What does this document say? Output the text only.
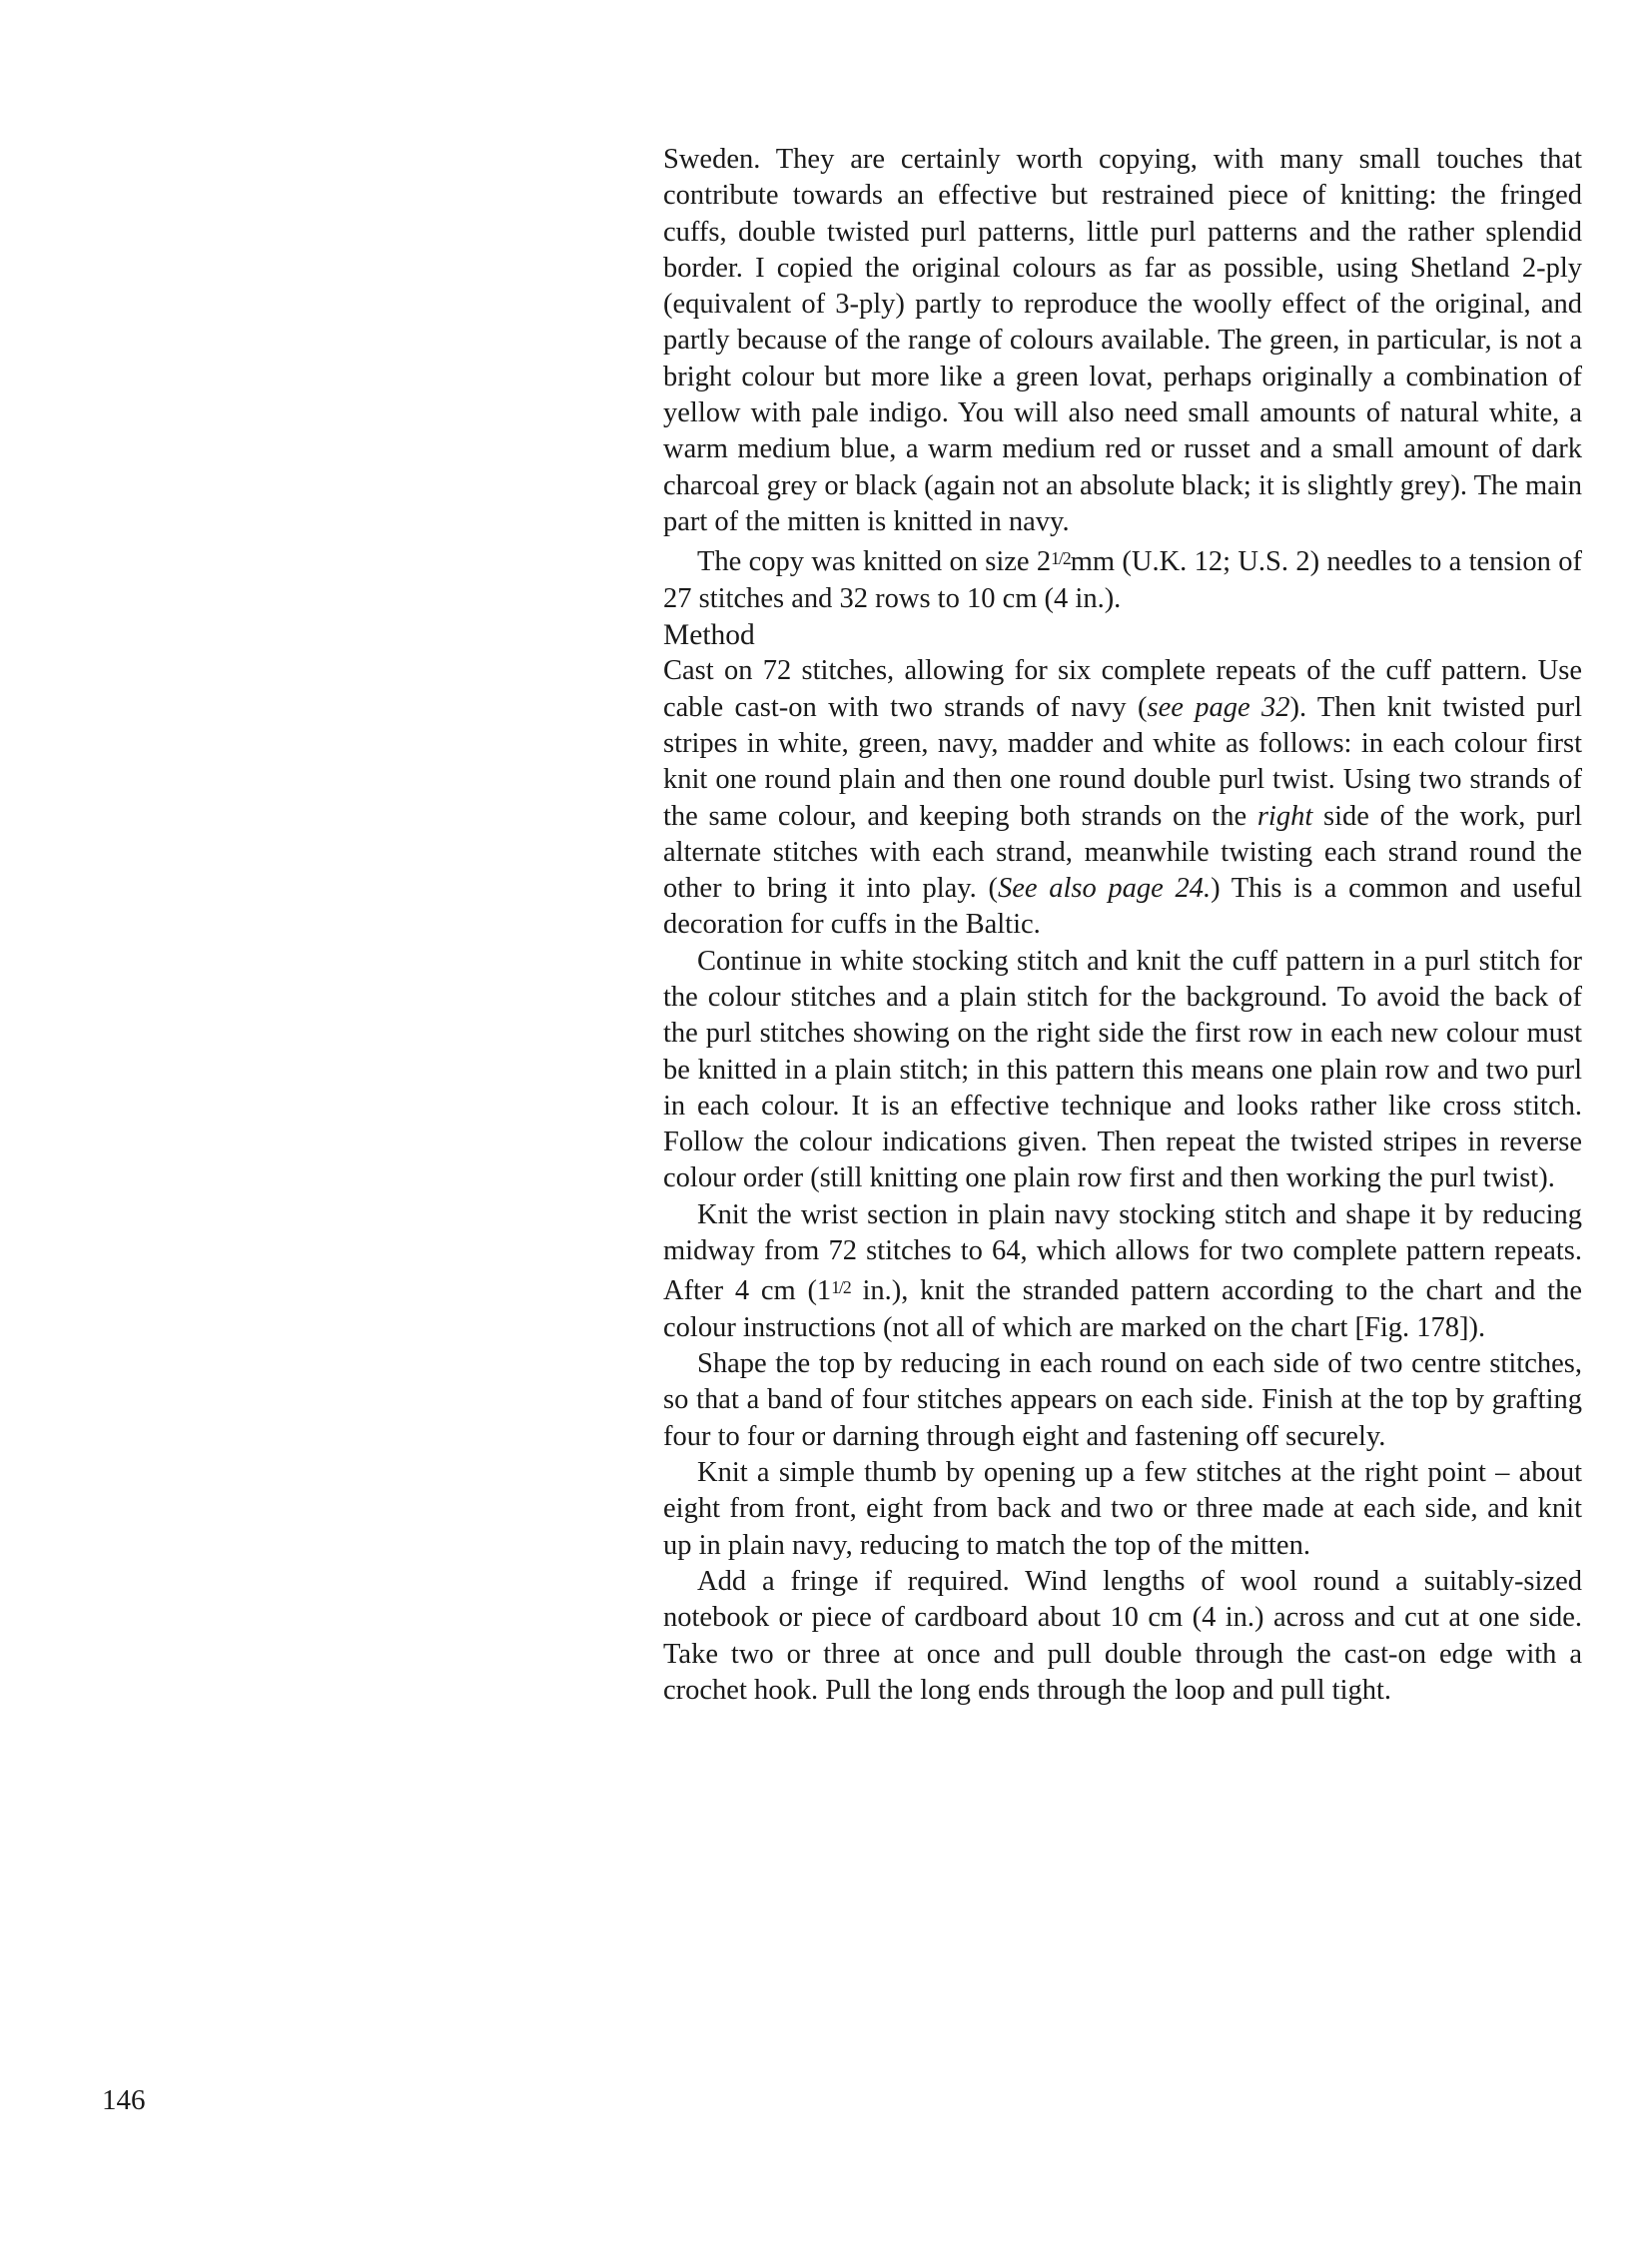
Sweden. They are certainly worth copying, with many small touches that contribute towards an effective but restrained piece of knitting: the fringed cuffs, double twisted purl patterns, little purl patterns and the rather splendid border. I copied the original colours as far as possible, using Shetland 2-ply (equivalent of 3-ply) partly to reproduce the woolly effect of the original, and partly because of the range of colours available. The green, in particular, is not a bright colour but more like a green lovat, perhaps originally a combination of yellow with pale indigo. You will also need small amounts of natural white, a warm medium blue, a warm medium red or russet and a small amount of dark charcoal grey or black (again not an absolute black; it is slightly grey). The main part of the mitten is knitted in navy.

The copy was knitted on size $2^{1/2}mm$ (U.K. 12; U.S. 2) needles to a tension of 27 stitches and 32 rows to 10 cm (4 in.).

Method

Cast on 72 stitches, allowing for six complete repeats of the cuff pattern. Use cable cast-on with two strands of navy (see page 32). Then knit twisted purl stripes in white, green, navy, madder and white as follows: in each colour first knit one round plain and then one round double purl twist. Using two strands of the same colour, and keeping both strands on the right side of the work, purl alternate stitches with each strand, meanwhile twisting each strand round the other to bring it into play. (See also page 24.) This is a common and useful decoration for cuffs in the Baltic.

Continue in white stocking stitch and knit the cuff pattern in a purl stitch for the colour stitches and a plain stitch for the background. To avoid the back of the purl stitches showing on the right side the first row in each new colour must be knitted in a plain stitch; in this pattern this means one plain row and two purl in each colour. It is an effective technique and looks rather like cross stitch. Follow the colour indications given. Then repeat the twisted stripes in reverse colour order (still knitting one plain row first and then working the purl twist).

Knit the wrist section in plain navy stocking stitch and shape it by reducing midway from 72 stitches to 64, which allows for two complete pattern repeats. After 4 cm ($1^{1/2}$ in.), knit the stranded pattern according to the chart and the colour instructions (not all of which are marked on the chart [Fig. 178]).

Shape the top by reducing in each round on each side of two centre stitches, so that a band of four stitches appears on each side. Finish at the top by grafting four to four or darning through eight and fastening off securely.

Knit a simple thumb by opening up a few stitches at the right point – about eight from front, eight from back and two or three made at each side, and knit up in plain navy, reducing to match the top of the mitten.

Add a fringe if required. Wind lengths of wool round a suitably-sized notebook or piece of cardboard about 10 cm (4 in.) across and cut at one side. Take two or three at once and pull double through the cast-on edge with a crochet hook. Pull the long ends through the loop and pull tight.

146
